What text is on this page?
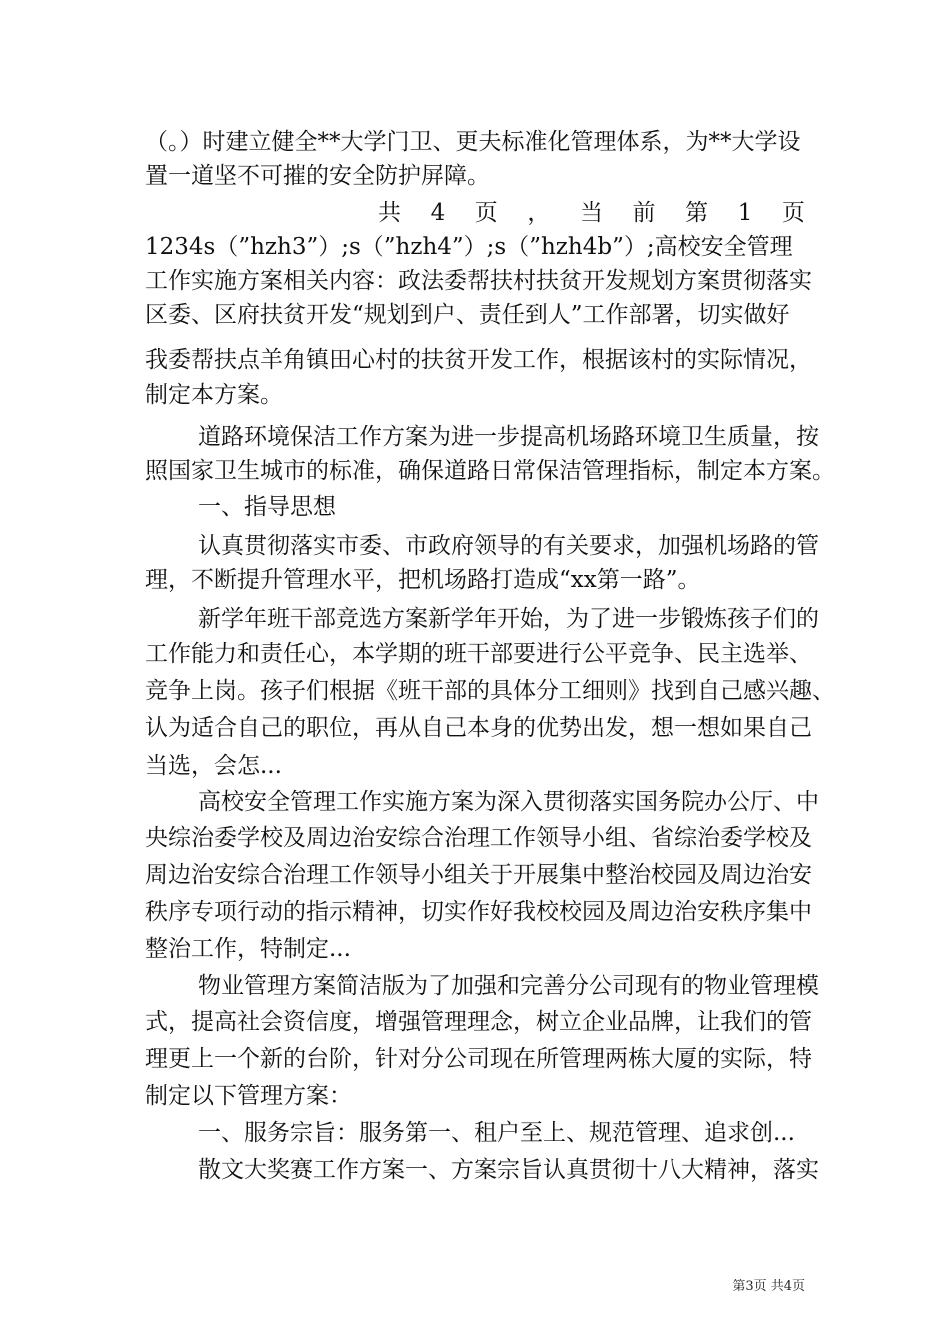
（。）时建立健全**大学门卫、更夫标准化管理体系，为**大学设
置一道坚不可摧的安全防护屏障。
共 4 页 ， 当 前 第 1 页
1234s（”hzh3”）;s（”hzh4”）;s（”hzh4b”）;高校安全管理
工作实施方案相关内容：政法委帮扶村扶贫开发规划方案贯彻落实
区委、区府扶贫开发“规划到户、责任到人”工作部署，切实做好
我委帮扶点羊角镇田心村的扶贫开发工作，根据该村的实际情况，
制定本方案。
道路环境保洁工作方案为进一步提高机场路环境卫生质量，按
照国家卫生城市的标准，确保道路日常保洁管理指标，制定本方案。
一、指导思想
认真贯彻落实市委、市政府领导的有关要求，加强机场路的管
理，不断提升管理水平，把机场路打造成“xx第一路”。
新学年班干部竞选方案新学年开始，为了进一步锻炼孩子们的
工作能力和责任心，本学期的班干部要进行公平竞争、民主选举、
竞争上岗。孩子们根据《班干部的具体分工细则》找到自己感兴趣、
认为适合自己的职位，再从自己本身的优势出发，想一想如果自己
当选，会怎...
高校安全管理工作实施方案为深入贯彻落实国务院办公厅、中
央综治委学校及周边治安综合治理工作领导小组、省综治委学校及
周边治安综合治理工作领导小组关于开展集中整治校园及周边治安
秩序专项行动的指示精神，切实作好我校校园及周边治安秩序集中
整治工作，特制定...
物业管理方案简洁版为了加强和完善分公司现有的物业管理模
式，提高社会资信度，增强管理理念，树立企业品牌，让我们的管
理更上一个新的台阶，针对分公司现在所管理两栋大厦的实际，特
制定以下管理方案：
一、服务宗旨：服务第一、租户至上、规范管理、追求创...
散文大奖赛工作方案一、方案宗旨认真贯彻十八大精神，落实
第3页 共4页
